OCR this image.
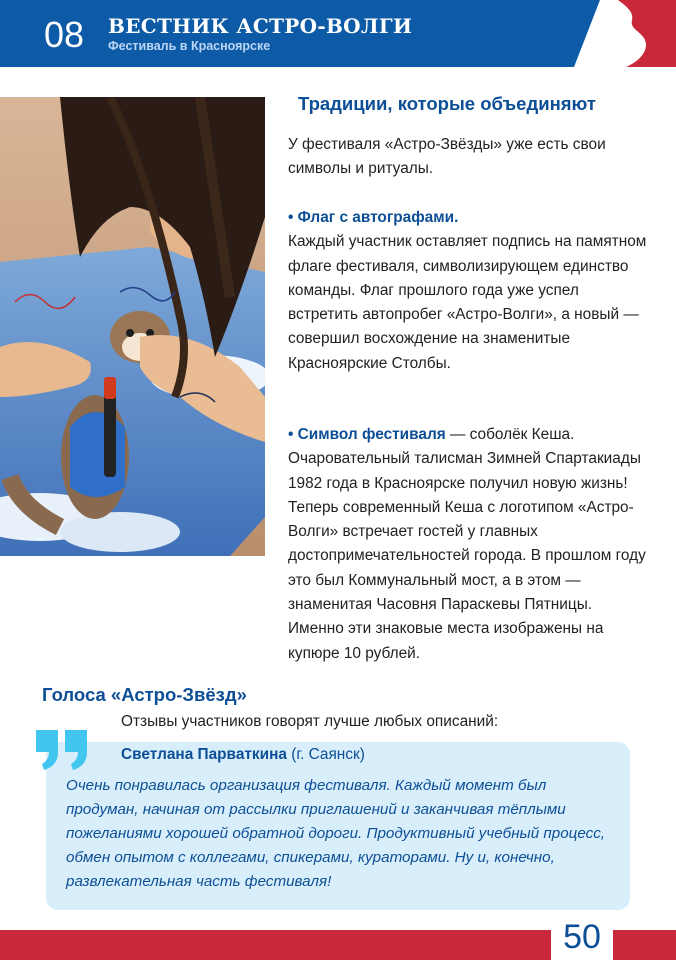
08 ВЕСТНИК АСТРО-ВОЛГИ
Фестиваль в Красноярске
Традиции, которые объединяют
У фестиваля «Астро-Звёзды» уже есть свои символы и ритуалы.
• Флаг с автографами.
Каждый участник оставляет подпись на памятном флаге фестиваля, символизирующем единство команды. Флаг прошлого года уже успел встретить автопробег «Астро-Волги», а новый — совершил восхождение на знаменитые Красноярские Столбы.
• Символ фестиваля — соболёк Кеша. Очаровательный талисман Зимней Спартакиады 1982 года в Красноярске получил новую жизнь! Теперь современный Кеша с логотипом «Астро-Волги» встречает гостей у главных достопримечательностей города. В прошлом году это был Коммунальный мост, а в этом — знаменитая Часовня Параскевы Пятницы. Именно эти знаковые места изображены на купюре 10 рублей.
Голоса «Астро-Звёзд»
Отзывы участников говорят лучше любых описаний:
Светлана Парваткина (г. Саянск)
Очень понравилась организация фестиваля. Каждый момент был продуман, начиная от рассылки приглашений и заканчивая тёплыми пожеланиями хорошей обратной дороги. Продуктивный учебный процесс, обмен опытом с коллегами, спикерами, кураторами. Ну и, конечно, развлекательная часть фестиваля!
50
